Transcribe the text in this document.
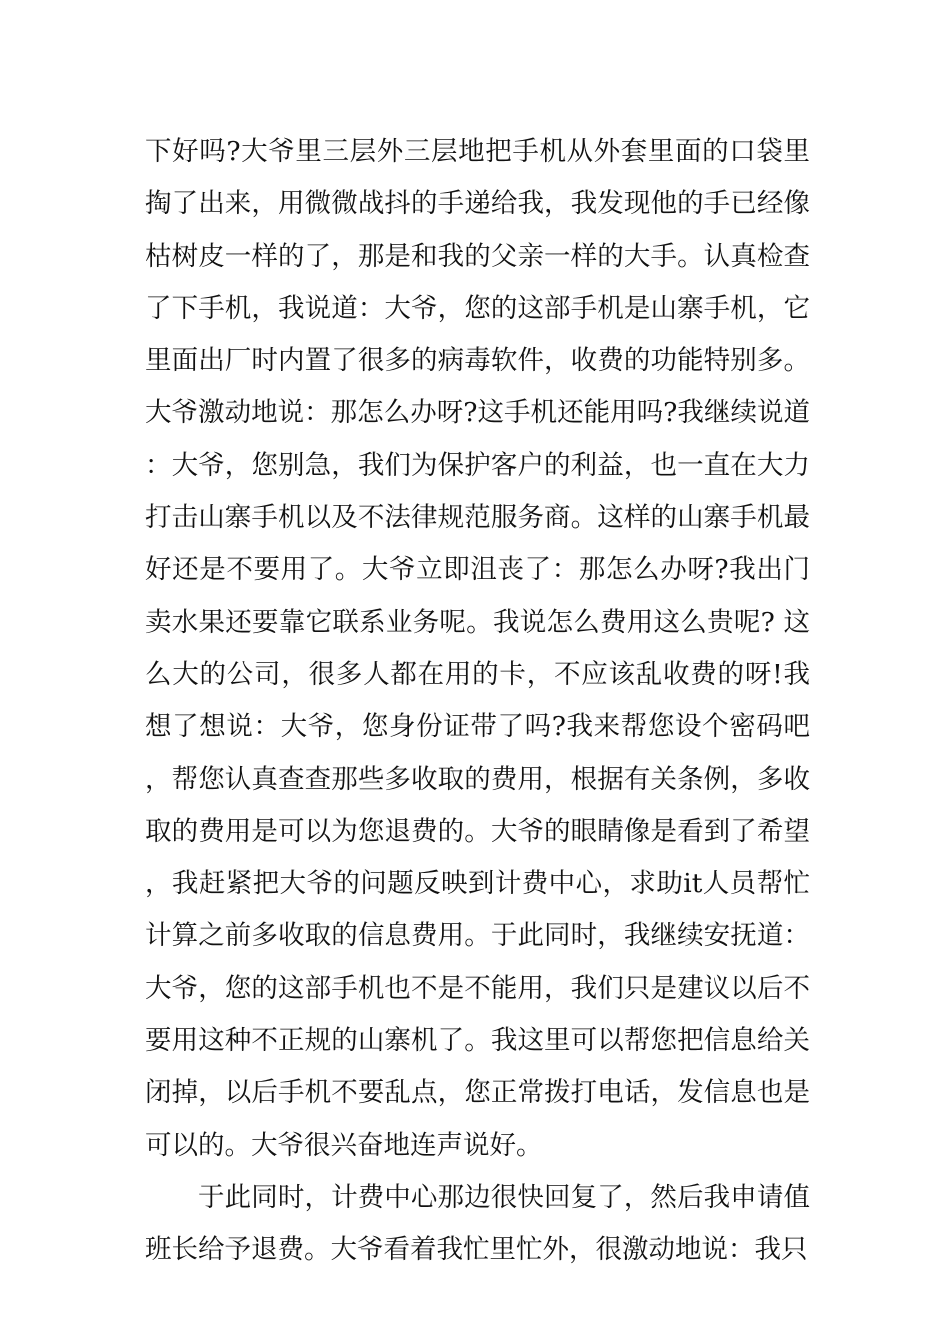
下好吗?大爷里三层外三层地把手机从外套里面的口袋里掏了出来，用微微战抖的手递给我，我发现他的手已经像枯树皮一样的了，那是和我的父亲一样的大手。认真检查了下手机，我说道：大爷，您的这部手机是山寨手机，它里面出厂时内置了很多的病毒软件，收费的功能特别多。大爷激动地说：那怎么办呀?这手机还能用吗?我继续说道：大爷，您别急，我们为保护客户的利益，也一直在大力打击山寨手机以及不法律规范服务商。这样的山寨手机最好还是不要用了。大爷立即沮丧了：那怎么办呀?我出门卖水果还要靠它联系业务呢。我说怎么费用这么贵呢? 这么大的公司，很多人都在用的卡，不应该乱收费的呀!我想了想说：大爷，您身份证带了吗?我来帮您设个密码吧，帮您认真查查那些多收取的费用，根据有关条例，多收取的费用是可以为您退费的。大爷的眼睛像是看到了希望，我赶紧把大爷的问题反映到计费中心，求助it人员帮忙计算之前多收取的信息费用。于此同时，我继续安抚道：大爷，您的这部手机也不是不能用，我们只是建议以后不要用这种不正规的山寨机了。我这里可以帮您把信息给关闭掉，以后手机不要乱点，您正常拨打电话，发信息也是可以的。大爷很兴奋地连声说好。

于此同时，计费中心那边很快回复了，然后我申请值班长给予退费。大爷看着我忙里忙外，很激动地说：我只
